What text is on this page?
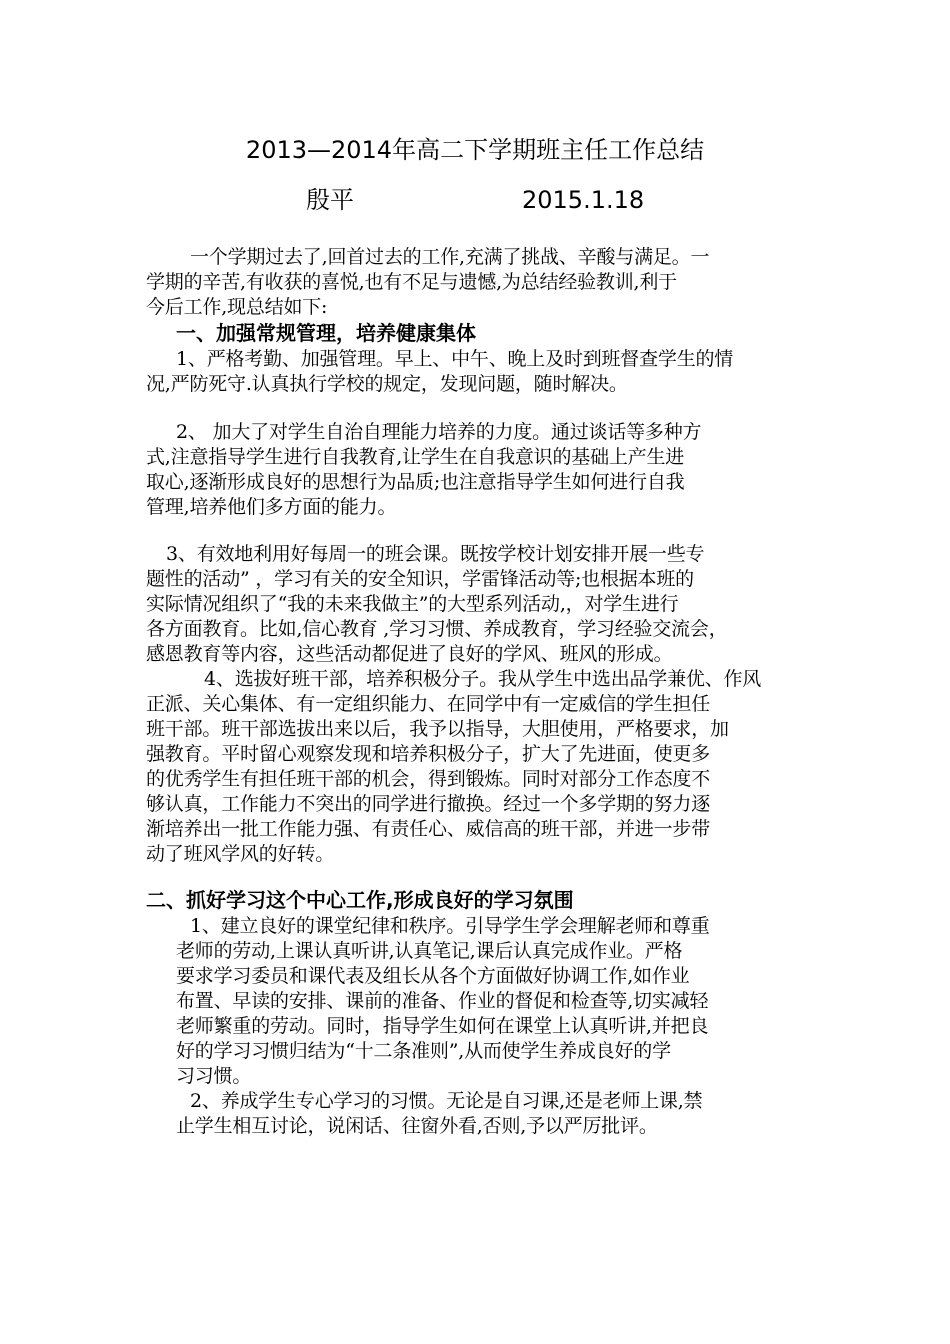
2013—2014年高二下学期班主任工作总结
殷平	2015.1.18
一个学期过去了,回首过去的工作,充满了挑战、辛酸与满足。一
学期的辛苦,有收获的喜悦,也有不足与遗憾,为总结经验教训,利于
今后工作,现总结如下:
一、加强常规管理，培养健康集体
1、严格考勤、加强管理。早上、中午、晚上及时到班督查学生的情
况,严防死守.认真执行学校的规定，发现问题，随时解决。
2、 加大了对学生自治自理能力培养的力度。通过谈话等多种方
式,注意指导学生进行自我教育,让学生在自我意识的基础上产生进
取心,逐渐形成良好的思想行为品质;也注意指导学生如何进行自我
管理,培养他们多方面的能力。
3、有效地利用好每周一的班会课。既按学校计划安排开展一些专
题性的活动” ，学习有关的安全知识，学雷锋活动等;也根据本班的
实际情况组织了“我的未来我做主”的大型系列活动,，对学生进行
各方面教育。比如,信心教育 ,学习习惯、养成教育，学习经验交流会，
感恩教育等内容，这些活动都促进了良好的学风、班风的形成。
4、选拔好班干部，培养积极分子。我从学生中选出品学兼优、作风
正派、关心集体、有一定组织能力、在同学中有一定威信的学生担任
班干部。班干部选拔出来以后，我予以指导，大胆使用，严格要求，加
强教育。平时留心观察发现和培养积极分子，扩大了先进面，使更多
的优秀学生有担任班干部的机会，得到锻炼。同时对部分工作态度不
够认真，工作能力不突出的同学进行撤换。经过一个多学期的努力逐
渐培养出一批工作能力强、有责任心、威信高的班干部，并进一步带
动了班风学风的好转。
二、抓好学习这个中心工作,形成良好的学习氛围
1、建立良好的课堂纪律和秩序。引导学生学会理解老师和尊重
老师的劳动,上课认真听讲,认真笔记,课后认真完成作业。严格
要求学习委员和课代表及组长从各个方面做好协调工作,如作业
布置、早读的安排、课前的准备、作业的督促和检查等,切实减轻
老师繁重的劳动。同时，指导学生如何在课堂上认真听讲,并把良
好的学习习惯归结为“十二条准则”,从而使学生养成良好的学
习习惯。
2、养成学生专心学习的习惯。无论是自习课,还是老师上课,禁
止学生相互讨论，说闲话、往窗外看,否则,予以严厉批评。
